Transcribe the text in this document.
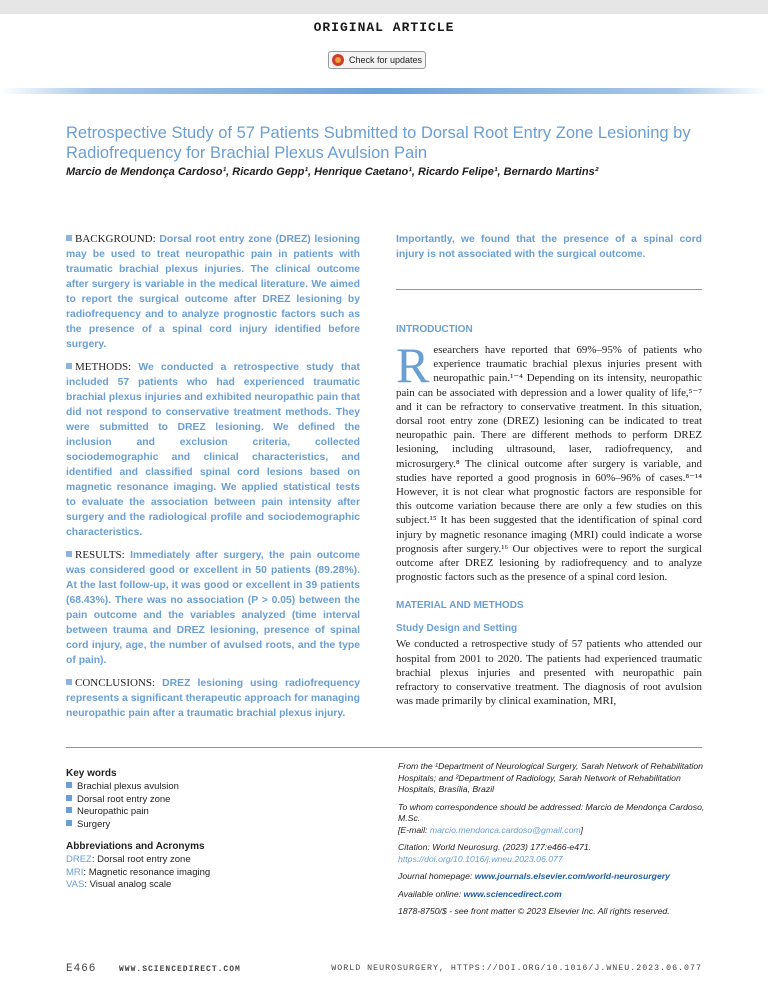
ORIGINAL ARTICLE
Check for updates
Retrospective Study of 57 Patients Submitted to Dorsal Root Entry Zone Lesioning by Radiofrequency for Brachial Plexus Avulsion Pain
Marcio de Mendonça Cardoso¹, Ricardo Gepp¹, Henrique Caetano¹, Ricardo Felipe¹, Bernardo Martins²

BACKGROUND: Dorsal root entry zone (DREZ) lesioning may be used to treat neuropathic pain in patients with traumatic brachial plexus injuries. The clinical outcome after surgery is variable in the medical literature. We aimed to report the surgical outcome after DREZ lesioning by radiofrequency and to analyze prognostic factors such as the presence of a spinal cord injury identified before surgery.

METHODS: We conducted a retrospective study that included 57 patients who had experienced traumatic brachial plexus injuries and exhibited neuropathic pain that did not respond to conservative treatment methods. They were submitted to DREZ lesioning. We defined the inclusion and exclusion criteria, collected sociodemographic and clinical characteristics, and identified and classified spinal cord lesions based on magnetic resonance imaging. We applied statistical tests to evaluate the association between pain intensity after surgery and the radiological profile and sociodemographic characteristics.

RESULTS: Immediately after surgery, the pain outcome was considered good or excellent in 50 patients (89.28%). At the last follow-up, it was good or excellent in 39 patients (68.43%). There was no association (P > 0.05) between the pain outcome and the variables analyzed (time interval between trauma and DREZ lesioning, presence of spinal cord injury, age, the number of avulsed roots, and the type of pain).

CONCLUSIONS: DREZ lesioning using radiofrequency represents a significant therapeutic approach for managing neuropathic pain after a traumatic brachial plexus injury.

Importantly, we found that the presence of a spinal cord injury is not associated with the surgical outcome.

INTRODUCTION

Researchers have reported that 69%–95% of patients who experience traumatic brachial plexus injuries present with neuropathic pain.¹⁻⁴ Depending on its intensity, neuropathic pain can be associated with depression and a lower quality of life,⁵⁻⁷ and it can be refractory to conservative treatment. In this situation, dorsal root entry zone (DREZ) lesioning can be indicated to treat neuropathic pain. There are different methods to perform DREZ lesioning, including ultrasound, laser, radiofrequency, and microsurgery.⁸ The clinical outcome after surgery is variable, and studies have reported a good prognosis in 60%–96% of cases.⁸⁻¹⁴ However, it is not clear what prognostic factors are responsible for this outcome variation because there are only a few studies on this subject.¹⁵ It has been suggested that the identification of spinal cord injury by magnetic resonance imaging (MRI) could indicate a worse prognosis after surgery.¹⁶ Our objectives were to report the surgical outcome after DREZ lesioning by radiofrequency and to analyze prognostic factors such as the presence of a spinal cord lesion.

MATERIAL AND METHODS
Study Design and Setting

We conducted a retrospective study of 57 patients who attended our hospital from 2001 to 2020. The patients had experienced traumatic brachial plexus injuries and presented with neuropathic pain refractory to conservative treatment. The diagnosis of root avulsion was made primarily by clinical examination, MRI,

Key words
Brachial plexus avulsion
Dorsal root entry zone
Neuropathic pain
Surgery
Abbreviations and Acronyms
DREZ: Dorsal root entry zone
MRI: Magnetic resonance imaging
VAS: Visual analog scale
From the ¹Department of Neurological Surgery, Sarah Network of Rehabilitation Hospitals; and ²Department of Radiology, Sarah Network of Rehabilitation Hospitals, Brasília, Brazil
To whom correspondence should be addressed: Marcio de Mendonça Cardoso, M.Sc.
[E-mail: marcio.mendonca.cardoso@gmail.com]
Citation: World Neurosurg. (2023) 177:e466-e471.
https://doi.org/10.1016/j.wneu.2023.06.077
Journal homepage: www.journals.elsevier.com/world-neurosurgery
Available online: www.sciencedirect.com
1878-8750/$ - see front matter © 2023 Elsevier Inc. All rights reserved.
E466	WWW.SCIENCEDIRECT.COM	WORLD NEUROSURGERY, HTTPS://DOI.ORG/10.1016/J.WNEU.2023.06.077
